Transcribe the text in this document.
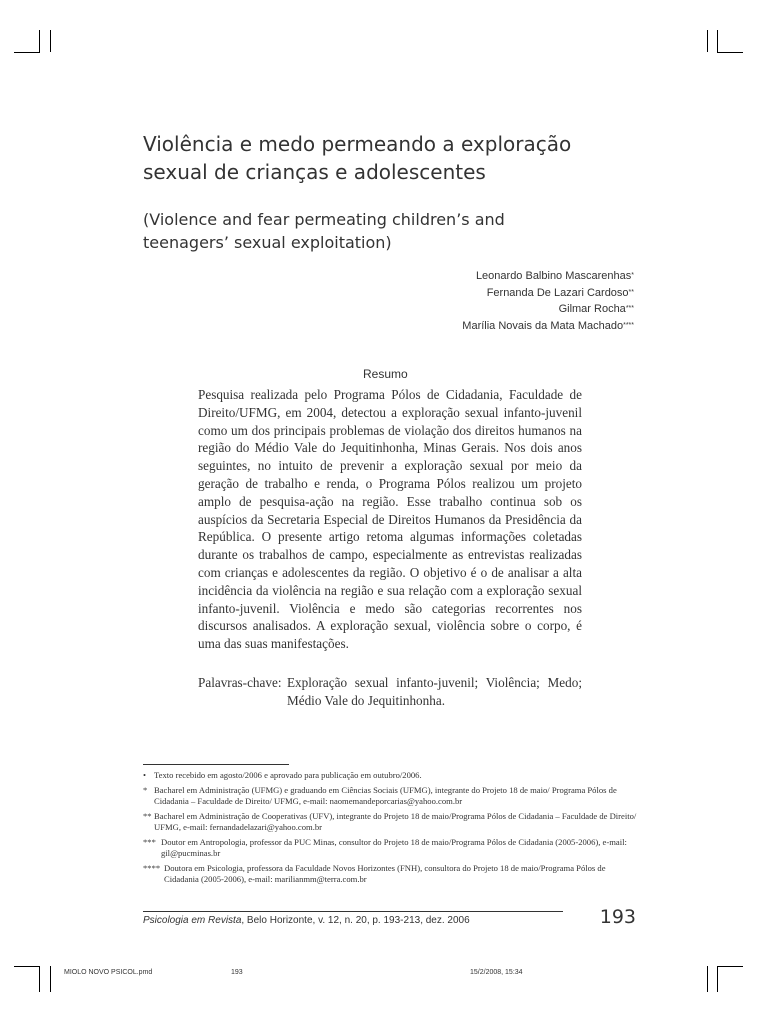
Violência e medo permeando a exploração sexual de crianças e adolescentes

(Violence and fear permeating children’s and teenagers’ sexual exploitation)

Leonardo Balbino Mascarenhas*
Fernanda De Lazari Cardoso**
Gilmar Rocha***
Marília Novais da Mata Machado****
Resumo
Pesquisa realizada pelo Programa Pólos de Cidadania, Faculdade de Direito/UFMG, em 2004, detectou a exploração sexual infanto-juvenil como um dos principais problemas de violação dos direitos humanos na região do Médio Vale do Jequitinhonha, Minas Gerais. Nos dois anos seguintes, no intuito de prevenir a exploração sexual por meio da geração de trabalho e renda, o Programa Pólos realizou um projeto amplo de pesquisa-ação na região. Esse trabalho continua sob os auspícios da Secretaria Especial de Direitos Humanos da Presidência da República. O presente artigo retoma algumas informações coletadas durante os trabalhos de campo, especialmente as entrevistas realizadas com crianças e adolescentes da região. O objetivo é o de analisar a alta incidência da violência na região e sua relação com a exploração sexual infanto-juvenil. Violência e medo são categorias recorrentes nos discursos analisados. A exploração sexual, violência sobre o corpo, é uma das suas manifestações.
Palavras-chave: Exploração sexual infanto-juvenil; Violência; Medo; Médio Vale do Jequitinhonha.
• Texto recebido em agosto/2006 e aprovado para publicação em outubro/2006.
* Bacharel em Administração (UFMG) e graduando em Ciências Sociais (UFMG), integrante do Projeto 18 de maio/ Programa Pólos de Cidadania – Faculdade de Direito/ UFMG, e-mail: naomemandeporcarias@yahoo.com.br
** Bacharel em Administração de Cooperativas (UFV), integrante do Projeto 18 de maio/Programa Pólos de Cidadania – Faculdade de Direito/ UFMG, e-mail: fernandadelazari@yahoo.com.br
*** Doutor em Antropologia, professor da PUC Minas, consultor do Projeto 18 de maio/Programa Pólos de Cidadania (2005-2006), e-mail: gil@pucminas.br
**** Doutora em Psicologia, professora da Faculdade Novos Horizontes (FNH), consultora do Projeto 18 de maio/Programa Pólos de Cidadania (2005-2006), e-mail: marilianmm@terra.com.br
Psicologia em Revista, Belo Horizonte, v. 12, n. 20, p. 193-213, dez. 2006	193
MIOLO NOVO PSICOL.pmd	193	15/2/2008, 15:34
